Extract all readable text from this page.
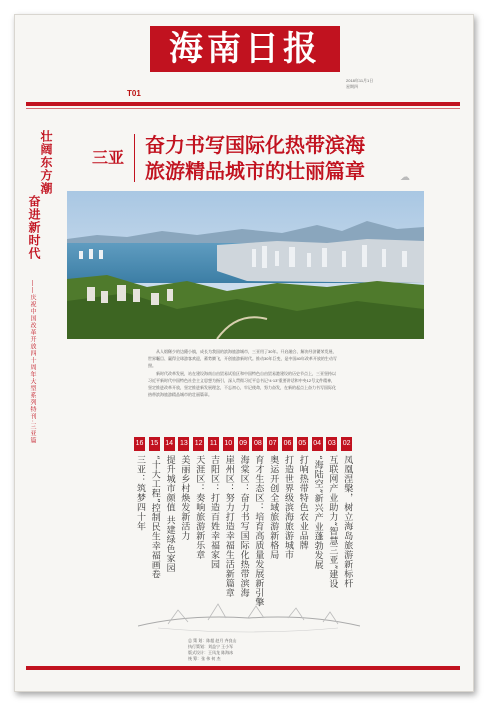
海南日报
T01
2018年11月1日
星期四
壮阔东方潮
奋进新时代
——庆祝中国改革开放四十周年大型系列特刊·三亚篇
三亚
奋力书写国际化热带滨海
旅游精品城市的壮丽篇章	☁︎

从人烟稀少的边陲小镇，成长为我国的滨海旅游城市，三亚用了30年。开启融合、解决经济繁荣发展、世界瞩目、赢得全球游客欢迎，蓄势腾飞，开创旅游新时代。推动30年巨变，是中国40年改革开放的生动写照。

新时代改革发展，站在建设海南自由贸易试验区和中国特色自由贸易港建设的历史节点上，三亚坚持以习近平新时代中国特色社会主义思想为指引，深入贯彻习近平总书记“4·13”重要讲话和中央12号文件精神，坚定推进改革开放，坚定推进新发展理念，不忘初心，牢记使命，努力奋发，在新的起点上奋力书写国际化热带滨海旅游精品城市的壮丽篇章。

02
凤凰涅槃，树立海岛旅游新标杆
03
互联网产业助力“智慧三亚”建设
04
“海陆空”新兴产业蓬勃发展
05
打响热带特色农业品牌
06
打造世界级滨海旅游城市
07
奥运开创全域旅游新格局
08
育才生态区：培育高质量发展新引擎
09
海棠区：奋力书写国际化热带滨海
10
崖州区：努力打造幸福生活新篇章
11
吉阳区：打造百姓幸福家园
12
天涯区：奏响旅游新乐章
13
美丽乡村焕发新活力
14
提升城市颜值 共建绿色家园
15
“十大工程”控制民生幸福画卷
16
三亚：筑梦四十年
总 策 划：陈超 赵月 齐良山
执行策划：刘益宁 王小军
版式设计：王凤龙 陈海冰
统 筹：张 伟 何 杰
